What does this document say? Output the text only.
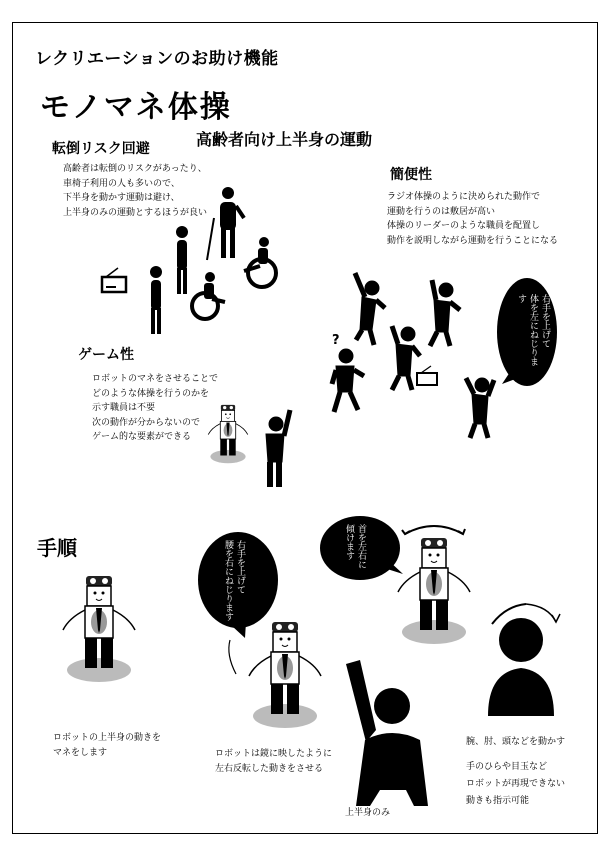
レクリエーションのお助け機能
モノマネ体操
高齢者向け上半身の運動
転倒リスク回避
高齢者は転倒のリスクがあったり、
車椅子利用の人も多いので、
下半身を動かす運動は避け、
上半身のみの運動とするほうが良い
簡便性
ラジオ体操のように決められた動作で
運動を行うのは敷居が高い
体操のリーダーのような職員を配置し
動作を説明しながら運動を行うことになる
ゲーム性
ロボットのマネをさせることで
どのような体操を行うのかを
示す職員は不要
次の動作が分からないので
ゲーム的な要素ができる
手順
ロボットの上半身の動きを
マネをします	ロボットは鏡に映したように
左右反転した動きをさせる
上半身のみ
腕、肘、頭などを動かす
手のひらや目玉など
ロボットが再現できない
動きも指示可能
?	右手を上げて
体を左にねじります
右手を上げて
腰を右にねじります	首を左右に
傾けます
